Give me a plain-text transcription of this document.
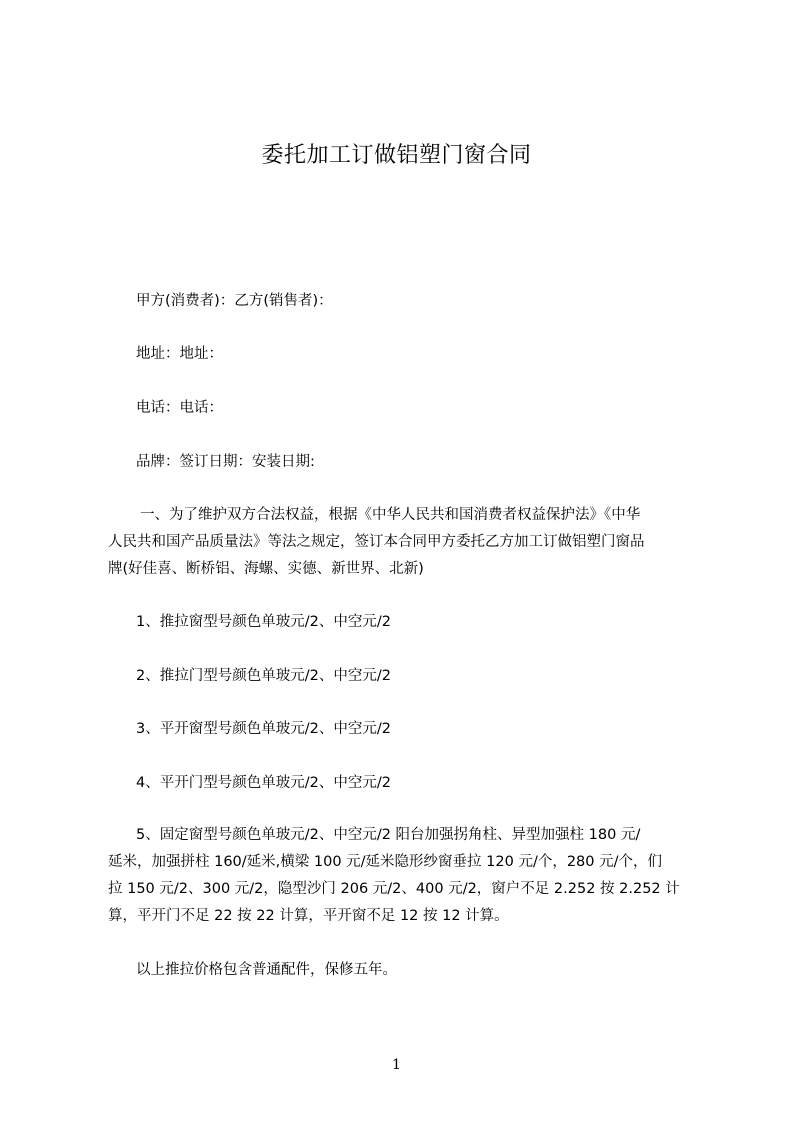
委托加工订做铝塑门窗合同
甲方(消费者)：乙方(销售者)：
地址：地址：
电话：电话：
品牌：签订日期：安装日期:
一、为了维护双方合法权益，根据《中华人民共和国消费者权益保护法》《中华
人民共和国产品质量法》等法之规定，签订本合同甲方委托乙方加工订做铝塑门窗品
牌(好佳喜、断桥铝、海螺、实德、新世界、北新)
1、推拉窗型号颜色单玻元/2、中空元/2
2、推拉门型号颜色单玻元/2、中空元/2
3、平开窗型号颜色单玻元/2、中空元/2
4、平开门型号颜色单玻元/2、中空元/2
5、固定窗型号颜色单玻元/2、中空元/2 阳台加强拐角柱、异型加强柱 180 元/
延米，加强拼柱 160/延米,横梁 100 元/延米隐形纱窗垂拉 120 元/个，280 元/个，们
拉 150 元/2、300 元/2，隐型沙门 206 元/2、400 元/2，窗户不足 2.252 按 2.252 计
算，平开门不足 22 按 22 计算，平开窗不足 12 按 12 计算。
以上推拉价格包含普通配件，保修五年。
1
